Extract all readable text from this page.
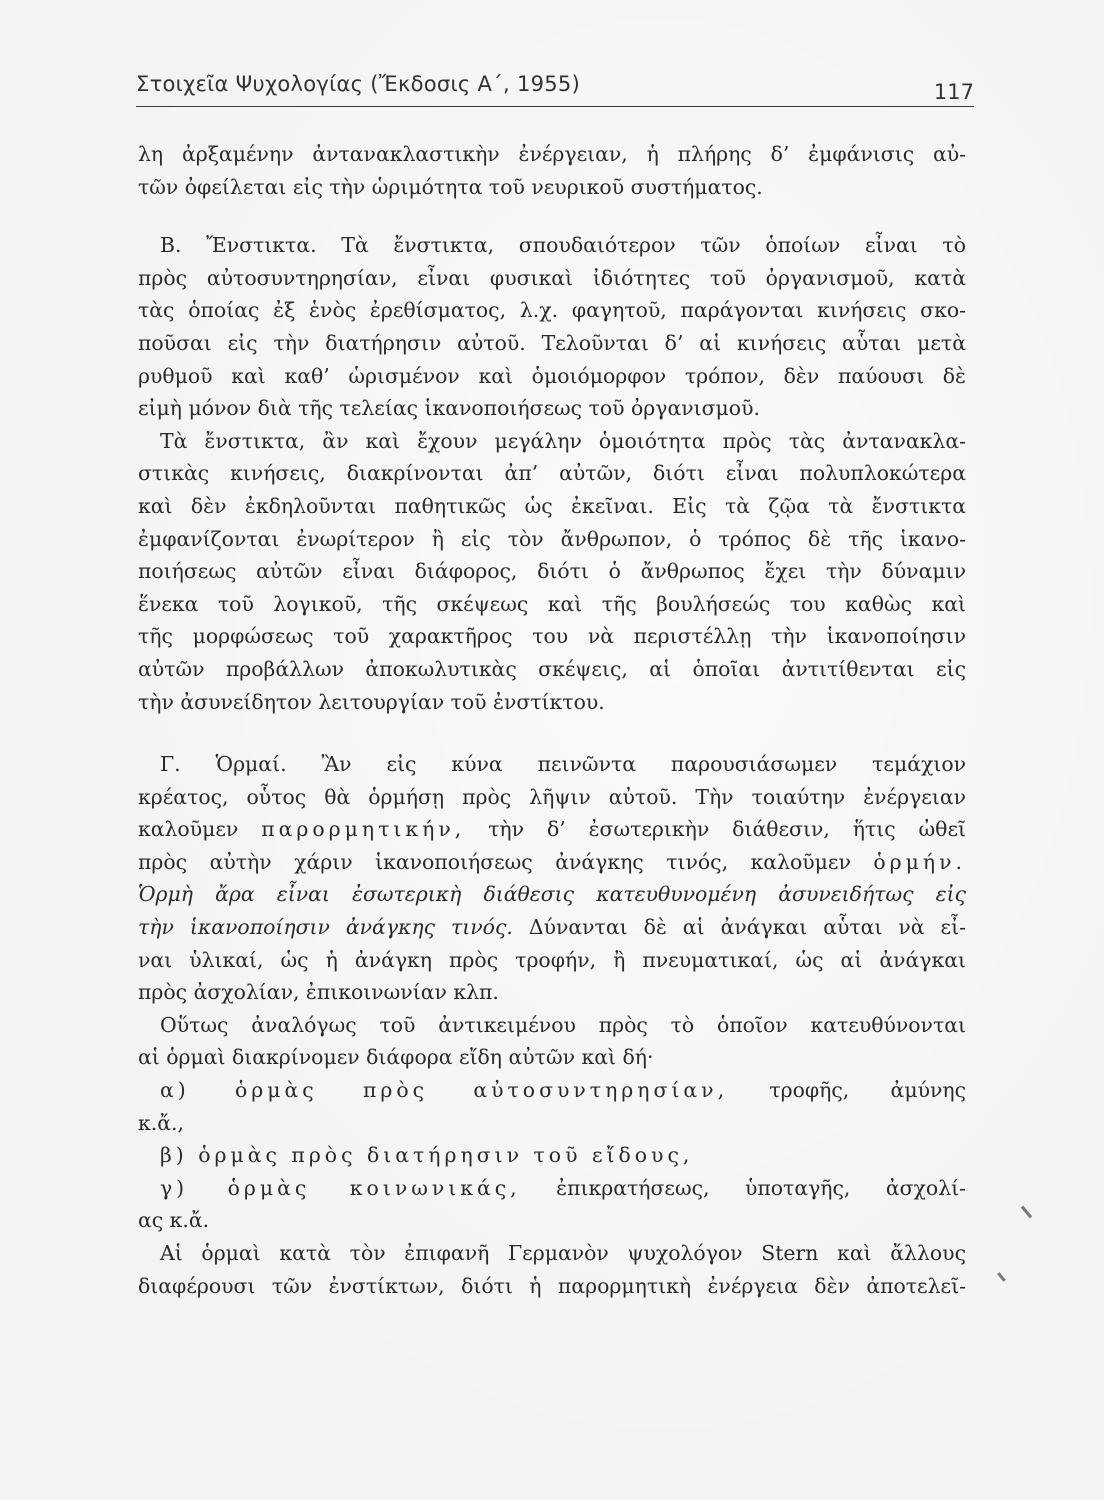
Στοιχεῖα Ψυχολογίας (Ἔκδοσις Α΄, 1955)	117

λη ἀρξαμένην ἀντανακλαστικὴν ἐνέργειαν, ἡ πλήρης δ’ ἐμφάνισις αὐ-
τῶν ὀφείλεται εἰς τὴν ὡριμότητα τοῦ νευρικοῦ συστήματος.

Β. Ἔνστικτα. Τὰ ἔνστικτα, σπουδαιότερον τῶν ὁποίων εἶναι τὸ
πρὸς αὐτοσυντηρησίαν, εἶναι φυσικαὶ ἰδιότητες τοῦ ὀργανισμοῦ, κατὰ
τὰς ὁποίας ἐξ ἑνὸς ἐρεθίσματος, λ.χ. φαγητοῦ, παράγονται κινήσεις σκο-
ποῦσαι εἰς τὴν διατήρησιν αὐτοῦ. Τελοῦνται δ’ αἱ κινήσεις αὗται μετὰ
ρυθμοῦ καὶ καθ’ ὡρισμένον καὶ ὁμοιόμορφον τρόπον, δὲν παύουσι δὲ
εἰμὴ μόνον διὰ τῆς τελείας ἱκανοποιήσεως τοῦ ὀργανισμοῦ.

Τὰ ἔνστικτα, ἂν καὶ ἔχουν μεγάλην ὁμοιότητα πρὸς τὰς ἀντανακλα-
στικὰς κινήσεις, διακρίνονται ἀπ’ αὐτῶν, διότι εἶναι πολυπλοκώτερα
καὶ δὲν ἐκδηλοῦνται παθητικῶς ὡς ἐκεῖναι. Εἰς τὰ ζῷα τὰ ἔνστικτα
ἐμφανίζονται ἐνωρίτερον ἢ εἰς τὸν ἄνθρωπον, ὁ τρόπος δὲ τῆς ἱκανο-
ποιήσεως αὐτῶν εἶναι διάφορος, διότι ὁ ἄνθρωπος ἔχει τὴν δύναμιν
ἕνεκα τοῦ λογικοῦ, τῆς σκέψεως καὶ τῆς βουλήσεώς του καθὼς καὶ
τῆς μορφώσεως τοῦ χαρακτῆρος του νὰ περιστέλλῃ τὴν ἱκανοποίησιν
αὐτῶν προβάλλων ἀποκωλυτικὰς σκέψεις, αἱ ὁποῖαι ἀντιτίθενται εἰς
τὴν ἀσυνείδητον λειτουργίαν τοῦ ἐνστίκτου.

Γ. Ὁρμαί. Ἂν εἰς κύνα πεινῶντα παρουσιάσωμεν τεμάχιον
κρέατος, οὗτος θὰ ὁρμήσῃ πρὸς λῆψιν αὐτοῦ. Τὴν τοιαύτην ἐνέργειαν
καλοῦμεν παρορμητικήν, τὴν δ’ ἐσωτερικὴν διάθεσιν, ἥτις ὠθεῖ
πρὸς αὐτὴν χάριν ἱκανοποιήσεως ἀνάγκης τινός, καλοῦμεν ὁρμήν.
Ὁρμὴ ἄρα εἶναι ἐσωτερικὴ διάθεσις κατευθυνομένη ἀσυνειδήτως εἰς
τὴν ἱκανοποίησιν ἀνάγκης τινός. Δύνανται δὲ αἱ ἀνάγκαι αὗται νὰ εἶ-
ναι ὑλικαί, ὡς ἡ ἀνάγκη πρὸς τροφήν, ἢ πνευματικαί, ὡς αἱ ἀνάγκαι
πρὸς ἀσχολίαν, ἐπικοινωνίαν κλπ.

Οὕτως ἀναλόγως τοῦ ἀντικειμένου πρὸς τὸ ὁποῖον κατευθύνονται
αἱ ὁρμαὶ διακρίνομεν διάφορα εἴδη αὐτῶν καὶ δή·

α) ὁρμὰς πρὸς αὐτοσυντηρησίαν, τροφῆς, ἀμύνης
κ.ἄ.,
β) ὁρμὰς πρὸς διατήρησιν τοῦ εἴδους,
γ) ὁρμὰς κοινωνικάς, ἐπικρατήσεως, ὑποταγῆς, ἀσχολί-
ας κ.ἄ.

Αἱ ὁρμαὶ κατὰ τὸν ἐπιφανῆ Γερμανὸν ψυχολόγον Stern καὶ ἄλλους
διαφέρουσι τῶν ἐνστίκτων, διότι ἡ παρορμητικὴ ἐνέργεια δὲν ἀποτελεῖ-
